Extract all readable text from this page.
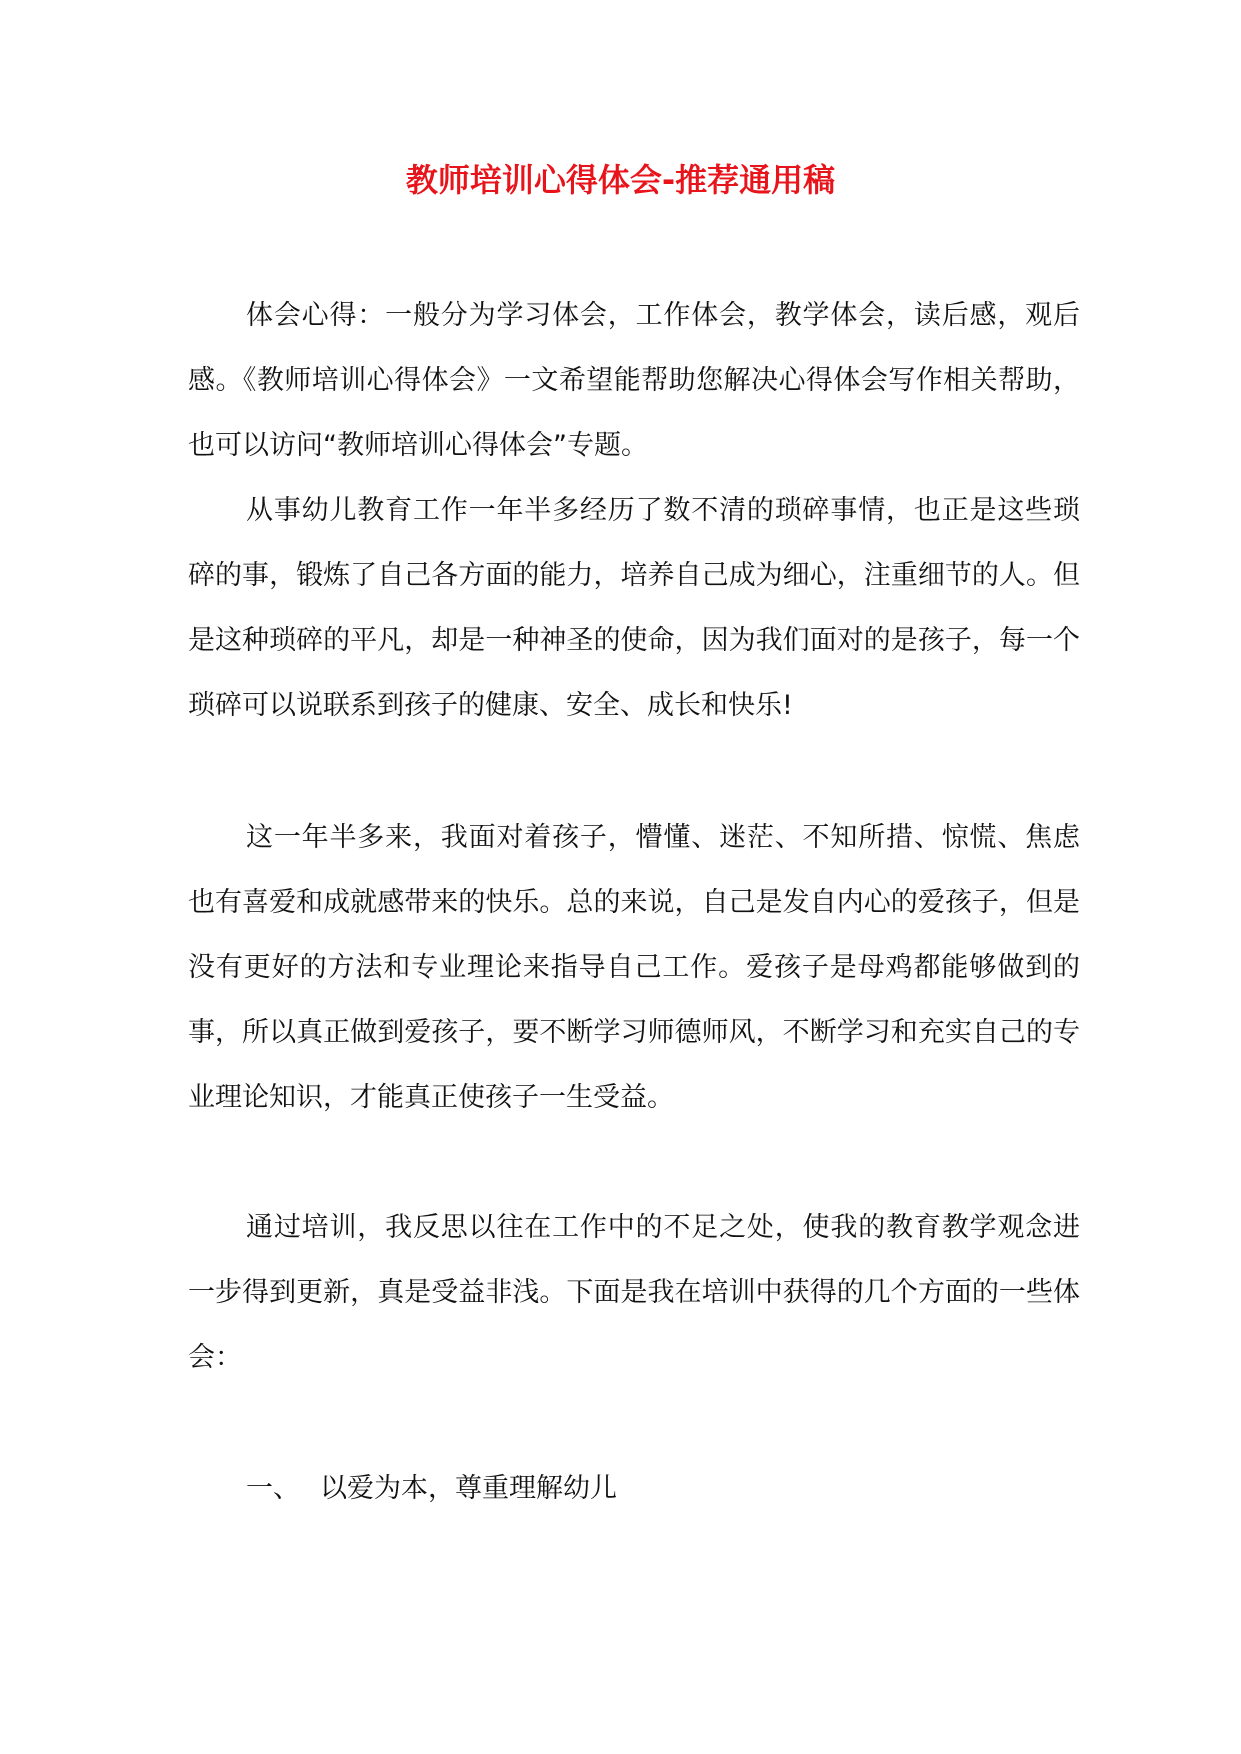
教师培训心得体会-推荐通用稿

体会心得：一般分为学习体会，工作体会，教学体会，读后感，观后感。《教师培训心得体会》一文希望能帮助您解决心得体会写作相关帮助，也可以访问“教师培训心得体会”专题。

从事幼儿教育工作一年半多经历了数不清的琐碎事情，也正是这些琐碎的事，锻炼了自己各方面的能力，培养自己成为细心，注重细节的人。但是这种琐碎的平凡，却是一种神圣的使命，因为我们面对的是孩子，每一个琐碎可以说联系到孩子的健康、安全、成长和快乐!

这一年半多来，我面对着孩子，懵懂、迷茫、不知所措、惊慌、焦虑也有喜爱和成就感带来的快乐。总的来说，自己是发自内心的爱孩子，但是没有更好的方法和专业理论来指导自己工作。爱孩子是母鸡都能够做到的事，所以真正做到爱孩子，要不断学习师德师风，不断学习和充实自己的专业理论知识，才能真正使孩子一生受益。

通过培训，我反思以往在工作中的不足之处，使我的教育教学观念进一步得到更新，真是受益非浅。下面是我在培训中获得的几个方面的一些体会：

一、 以爱为本，尊重理解幼儿
